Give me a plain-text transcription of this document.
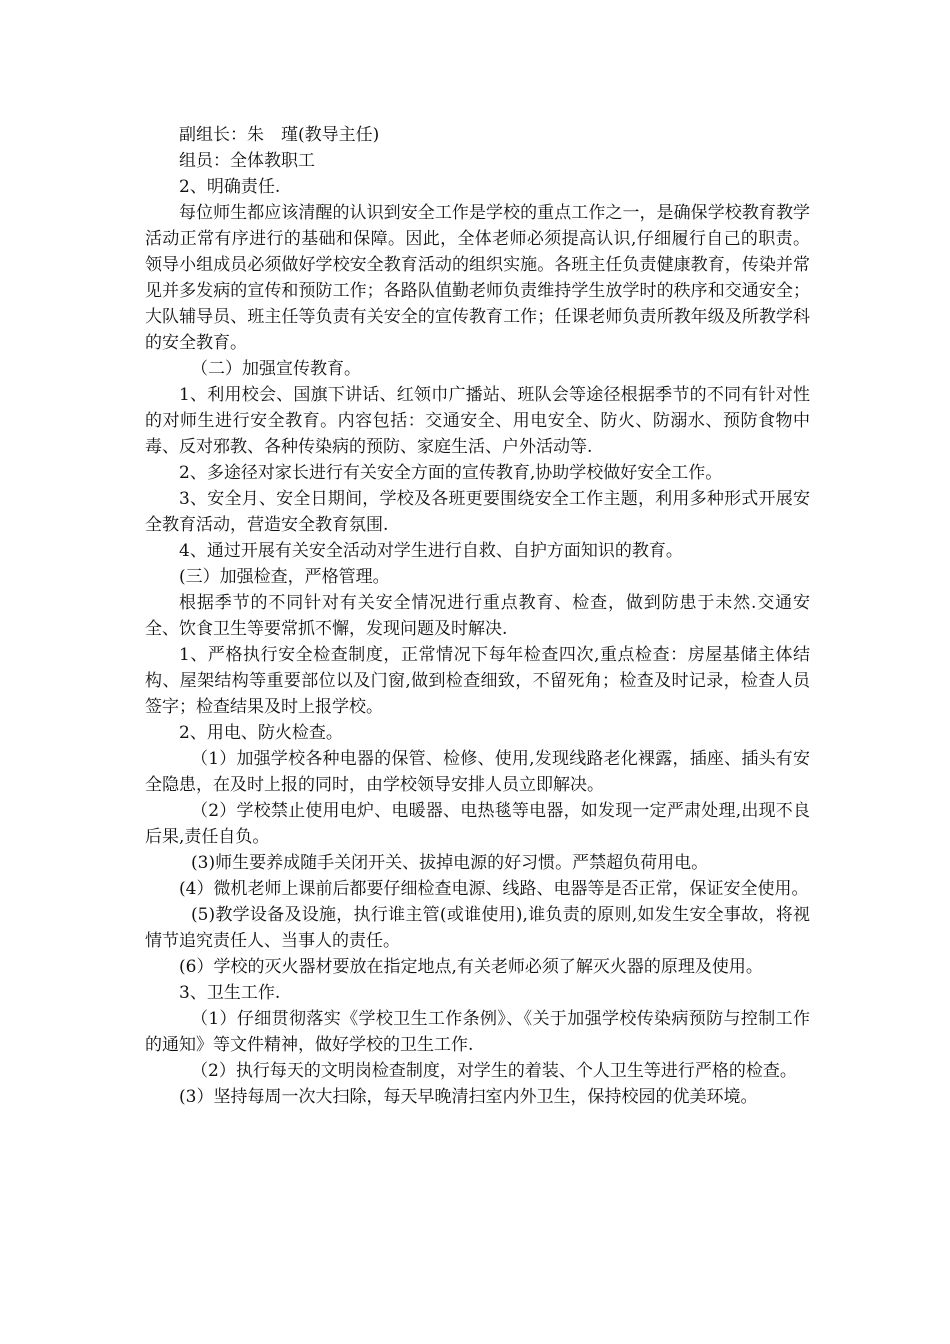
副组长：朱　瑾(教导主任)

组员：全体教职工

2、明确责任.

每位师生都应该清醒的认识到安全工作是学校的重点工作之一，是确保学校教育教学活动正常有序进行的基础和保障。因此，全体老师必须提高认识,仔细履行自己的职责。领导小组成员必须做好学校安全教育活动的组织实施。各班主任负责健康教育，传染并常见并多发病的宣传和预防工作；各路队值勤老师负责维持学生放学时的秩序和交通安全；大队辅导员、班主任等负责有关安全的宣传教育工作；任课老师负责所教年级及所教学科的安全教育。

（二）加强宣传教育。

1、利用校会、国旗下讲话、红领巾广播站、班队会等途径根据季节的不同有针对性的对师生进行安全教育。内容包括：交通安全、用电安全、防火、防溺水、预防食物中毒、反对邪教、各种传染病的预防、家庭生活、户外活动等.

2、多途径对家长进行有关安全方面的宣传教育,协助学校做好安全工作。

3、安全月、安全日期间，学校及各班更要围绕安全工作主题，利用多种形式开展安全教育活动，营造安全教育氛围.

4、通过开展有关安全活动对学生进行自救、自护方面知识的教育。

(三）加强检查，严格管理。

根据季节的不同针对有关安全情况进行重点教育、检查，做到防患于未然.交通安全、饮食卫生等要常抓不懈，发现问题及时解决.

1、严格执行安全检查制度，正常情况下每年检查四次,重点检查：房屋基储主体结构、屋架结构等重要部位以及门窗,做到检查细致，不留死角；检查及时记录，检查人员签字；检查结果及时上报学校。

2、用电、防火检查。

（1）加强学校各种电器的保管、检修、使用,发现线路老化裸露，插座、插头有安全隐患，在及时上报的同时，由学校领导安排人员立即解决。

（2）学校禁止使用电炉、电暖器、电热毯等电器，如发现一定严肃处理,出现不良后果,责任自负。

(3)师生要养成随手关闭开关、拔掉电源的好习惯。严禁超负荷用电。

(4）微机老师上课前后都要仔细检查电源、线路、电器等是否正常，保证安全使用。

(5)教学设备及设施，执行谁主管(或谁使用),谁负责的原则,如发生安全事故，将视情节追究责任人、当事人的责任。

(6）学校的灭火器材要放在指定地点,有关老师必须了解灭火器的原理及使用。

3、卫生工作.

（1）仔细贯彻落实《学校卫生工作条例》、《关于加强学校传染病预防与控制工作的通知》等文件精神，做好学校的卫生工作.

（2）执行每天的文明岗检查制度，对学生的着装、个人卫生等进行严格的检查。

(3）坚持每周一次大扫除，每天早晚清扫室内外卫生，保持校园的优美环境。
